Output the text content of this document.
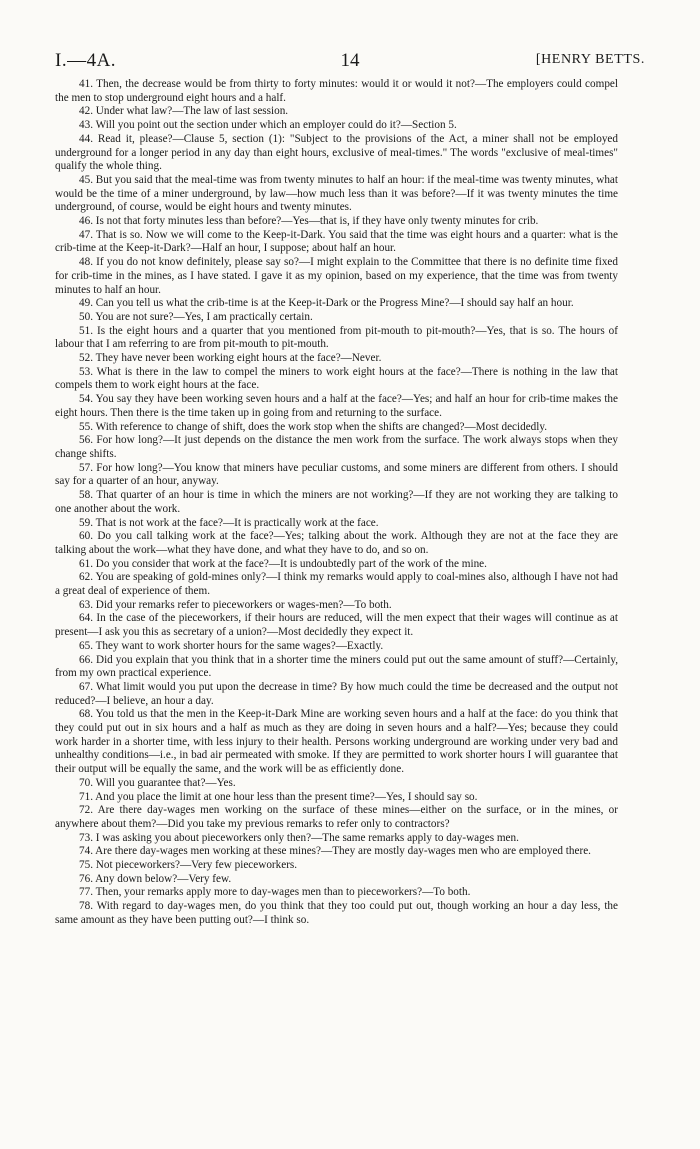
I.—4A.	14	[HENRY BETTS.

41. Then, the decrease would be from thirty to forty minutes: would it or would it not?—The employers could compel the men to stop underground eight hours and a half.

42. Under what law?—The law of last session.

43. Will you point out the section under which an employer could do it?—Section 5.

44. Read it, please?—Clause 5, section (1): "Subject to the provisions of the Act, a miner shall not be employed underground for a longer period in any day than eight hours, exclusive of meal-times." The words "exclusive of meal-times" qualify the whole thing.

45. But you said that the meal-time was from twenty minutes to half an hour: if the meal-time was twenty minutes, what would be the time of a miner underground, by law—how much less than it was before?—If it was twenty minutes the time underground, of course, would be eight hours and twenty minutes.

46. Is not that forty minutes less than before?—Yes—that is, if they have only twenty minutes for crib.

47. That is so. Now we will come to the Keep-it-Dark. You said that the time was eight hours and a quarter: what is the crib-time at the Keep-it-Dark?—Half an hour, I suppose; about half an hour.

48. If you do not know definitely, please say so?—I might explain to the Committee that there is no definite time fixed for crib-time in the mines, as I have stated. I gave it as my opinion, based on my experience, that the time was from twenty minutes to half an hour.

49. Can you tell us what the crib-time is at the Keep-it-Dark or the Progress Mine?—I should say half an hour.

50. You are not sure?—Yes, I am practically certain.

51. Is the eight hours and a quarter that you mentioned from pit-mouth to pit-mouth?—Yes, that is so. The hours of labour that I am referring to are from pit-mouth to pit-mouth.

52. They have never been working eight hours at the face?—Never.

53. What is there in the law to compel the miners to work eight hours at the face?—There is nothing in the law that compels them to work eight hours at the face.

54. You say they have been working seven hours and a half at the face?—Yes; and half an hour for crib-time makes the eight hours. Then there is the time taken up in going from and returning to the surface.

55. With reference to change of shift, does the work stop when the shifts are changed?—Most decidedly.

56. For how long?—It just depends on the distance the men work from the surface. The work always stops when they change shifts.

57. For how long?—You know that miners have peculiar customs, and some miners are different from others. I should say for a quarter of an hour, anyway.

58. That quarter of an hour is time in which the miners are not working?—If they are not working they are talking to one another about the work.

59. That is not work at the face?—It is practically work at the face.

60. Do you call talking work at the face?—Yes; talking about the work. Although they are not at the face they are talking about the work—what they have done, and what they have to do, and so on.

61. Do you consider that work at the face?—It is undoubtedly part of the work of the mine.

62. You are speaking of gold-mines only?—I think my remarks would apply to coal-mines also, although I have not had a great deal of experience of them.

63. Did your remarks refer to pieceworkers or wages-men?—To both.

64. In the case of the pieceworkers, if their hours are reduced, will the men expect that their wages will continue as at present—I ask you this as secretary of a union?—Most decidedly they expect it.

65. They want to work shorter hours for the same wages?—Exactly.

66. Did you explain that you think that in a shorter time the miners could put out the same amount of stuff?—Certainly, from my own practical experience.

67. What limit would you put upon the decrease in time? By how much could the time be decreased and the output not reduced?—I believe, an hour a day.

68. You told us that the men in the Keep-it-Dark Mine are working seven hours and a half at the face: do you think that they could put out in six hours and a half as much as they are doing in seven hours and a half?—Yes; because they could work harder in a shorter time, with less injury to their health. Persons working underground are working under very bad and unhealthy conditions—i.e., in bad air permeated with smoke. If they are permitted to work shorter hours I will guarantee that their output will be equally the same, and the work will be as efficiently done.

70. Will you guarantee that?—Yes.

71. And you place the limit at one hour less than the present time?—Yes, I should say so.

72. Are there day-wages men working on the surface of these mines—either on the surface, or in the mines, or anywhere about them?—Did you take my previous remarks to refer only to contractors?

73. I was asking you about pieceworkers only then?—The same remarks apply to day-wages men.

74. Are there day-wages men working at these mines?—They are mostly day-wages men who are employed there.

75. Not pieceworkers?—Very few pieceworkers.

76. Any down below?—Very few.

77. Then, your remarks apply more to day-wages men than to pieceworkers?—To both.

78. With regard to day-wages men, do you think that they too could put out, though working an hour a day less, the same amount as they have been putting out?—I think so.
